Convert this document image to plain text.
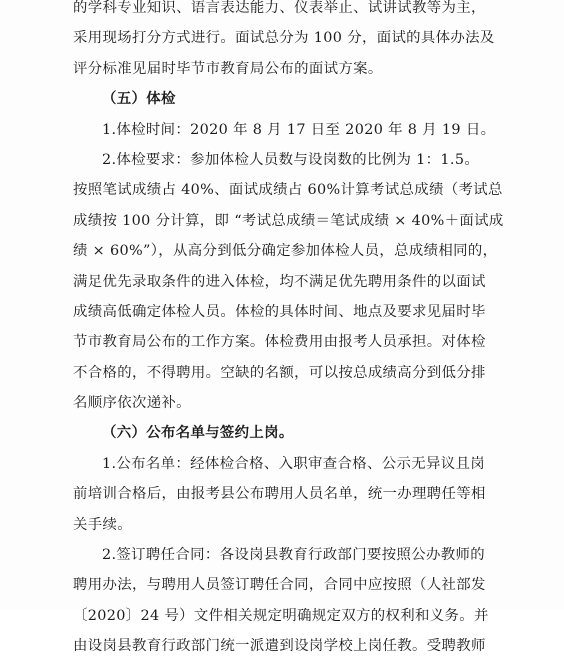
的学科专业知识、语言表达能力、仪表举止、试讲试教等为主，
采用现场打分方式进行。面试总分为 100 分，面试的具体办法及
评分标准见届时毕节市教育局公布的面试方案。
（五）体检
1.体检时间：2020 年 8 月 17 日至 2020 年 8 月 19 日。
2.体检要求：参加体检人员数与设岗数的比例为 1：1.5。
按照笔试成绩占 40%、面试成绩占 60%计算考试总成绩（考试总
成绩按 100 分计算，即 “考试总成绩＝笔试成绩 × 40%＋面试成
绩 × 60%”），从高分到低分确定参加体检人员，总成绩相同的，
满足优先录取条件的进入体检，均不满足优先聘用条件的以面试
成绩高低确定体检人员。体检的具体时间、地点及要求见届时毕
节市教育局公布的工作方案。体检费用由报考人员承担。对体检
不合格的，不得聘用。空缺的名额，可以按总成绩高分到低分排
名顺序依次递补。
（六）公布名单与签约上岗。
1.公布名单：经体检合格、入职审查合格、公示无异议且岗
前培训合格后，由报考县公布聘用人员名单，统一办理聘任等相
关手续。
2.签订聘任合同：各设岗县教育行政部门要按照公办教师的
聘用办法，与聘用人员签订聘任合同，合同中应按照（人社部发
〔2020〕24 号）文件相关规定明确规定双方的权利和义务。并
由设岗县教育行政部门统一派遣到设岗学校上岗任教。受聘教师
